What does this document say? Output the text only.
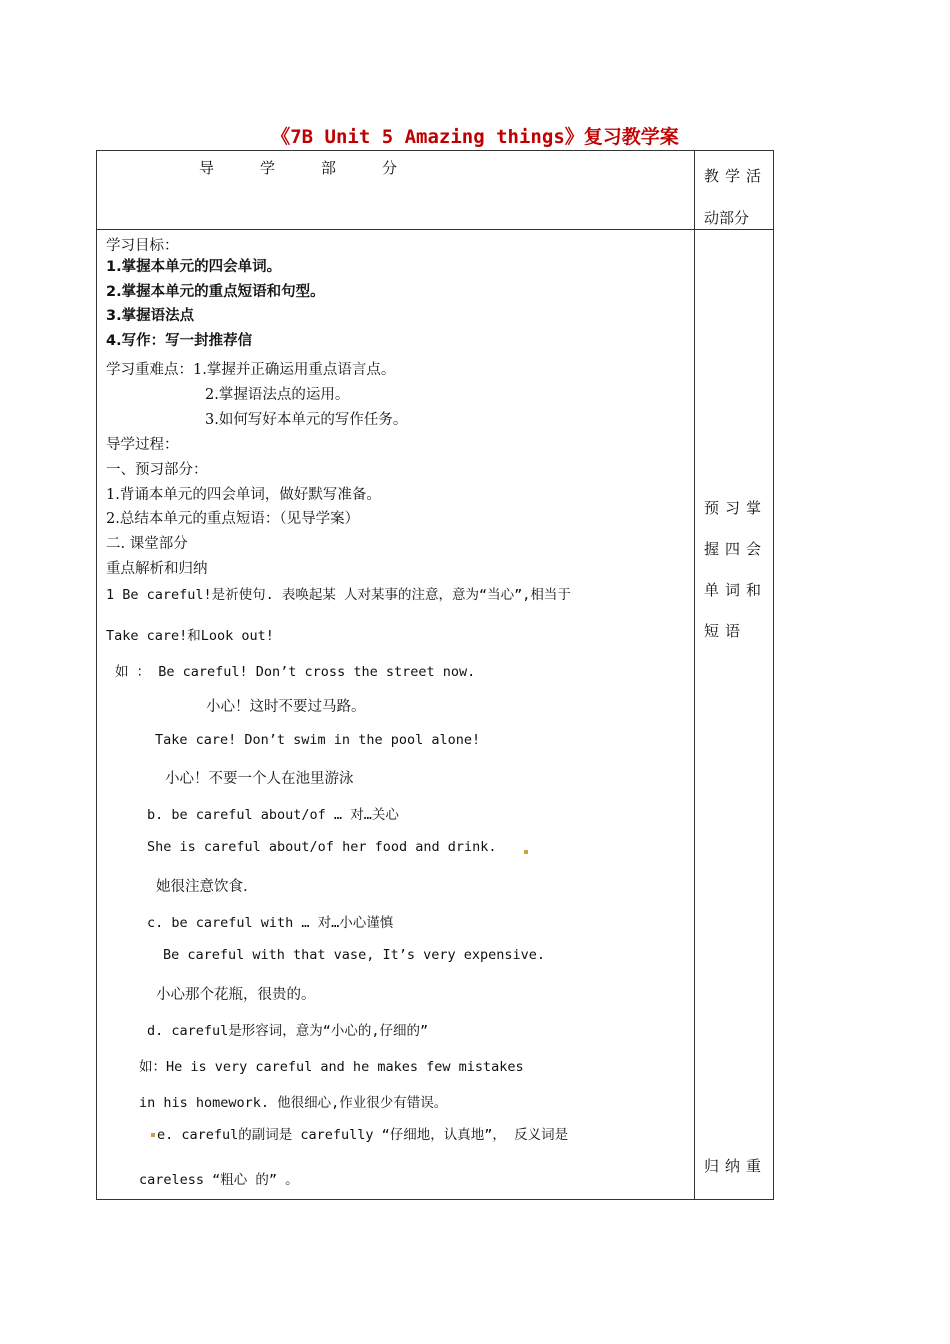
《7B Unit 5 Amazing things》复习教学案
导学部分	教学活
动部分
学习目标：
1.掌握本单元的四会单词。
2.掌握本单元的重点短语和句型。
3.掌握语法点
4.写作：写一封推荐信
学习重难点：1.掌握并正确运用重点语言点。
2.掌握语法点的运用。
3.如何写好本单元的写作任务。
导学过程：
一、预习部分：
1.背诵本单元的四会单词，做好默写准备。
2.总结本单元的重点短语：（见导学案）
二. 课堂部分
重点解析和归纳
1 Be careful!是祈使句. 表唤起某 人对某事的注意，意为“当心”,相当于
Take care!和Look out!
如 ： Be careful! Don’t cross the street now.
小心！这时不要过马路。
Take care! Don’t swim in the pool alone!
小心！不要一个人在池里游泳
b. be careful about/of … 对…关心
She is careful about/of her food and drink.
她很注意饮食.
c. be careful with … 对…小心谨慎
Be careful with that vase, It’s very expensive.
小心那个花瓶，很贵的。
d. careful是形容词，意为“小心的,仔细的”
如：He is very careful and he makes few mistakes
in his homework. 他很细心,作业很少有错误。
e. careful的副词是 carefully “仔细地，认真地”， 反义词是
careless “粗心 的” 。
预习掌
握四会
单词和
短语
归纳重
